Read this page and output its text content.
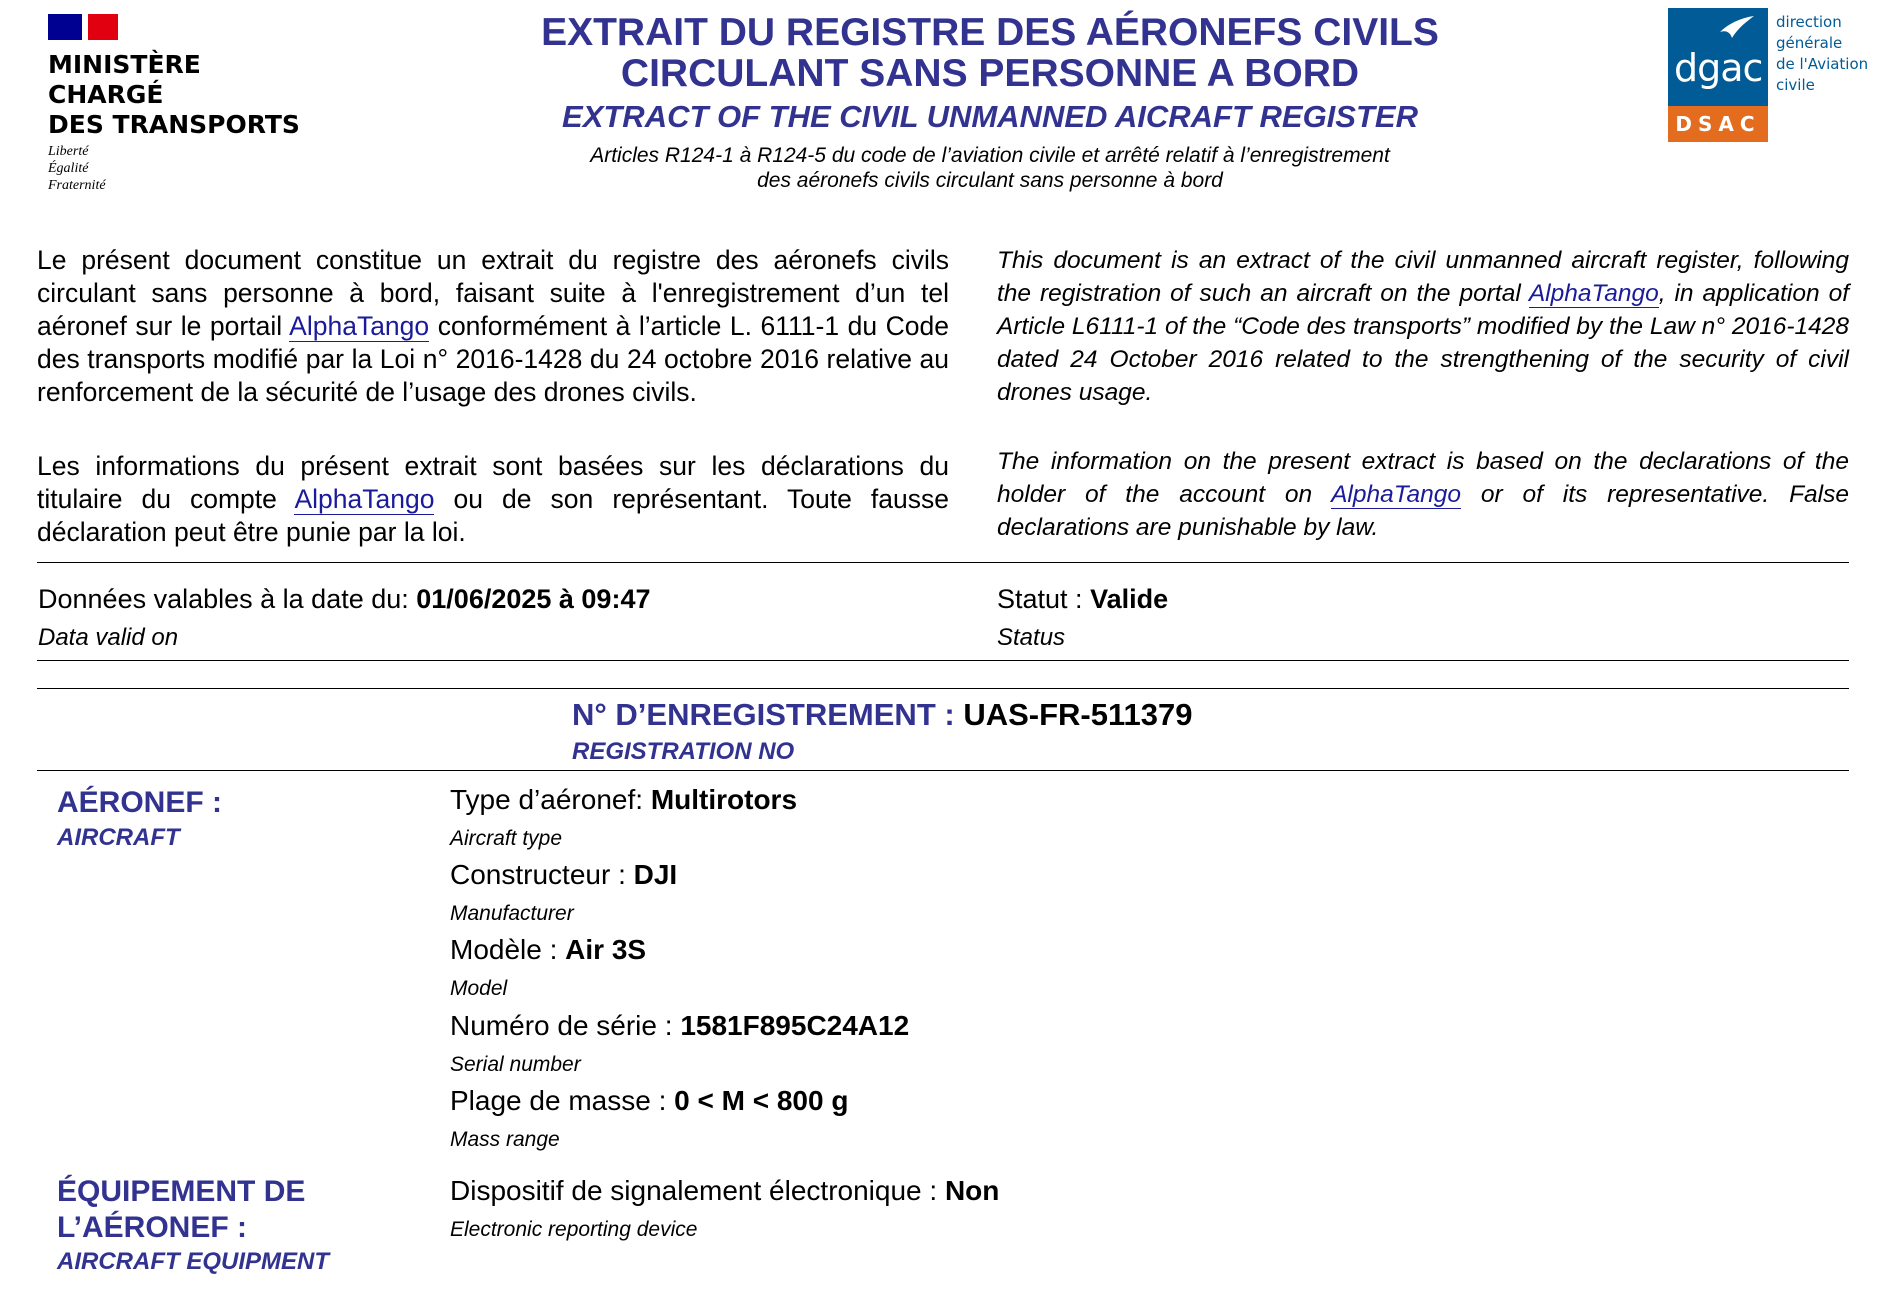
MINISTÈRE
CHARGÉ
DES TRANSPORTS
Liberté
Égalité
Fraternité
EXTRAIT DU REGISTRE DES AÉRONEFS CIVILS
CIRCULANT SANS PERSONNE A BORD
EXTRACT OF THE CIVIL UNMANNED AICRAFT REGISTER
Articles R124-1 à R124-5 du code de l’aviation civile et arrêté relatif à l’enregistrement
des aéronefs civils circulant sans personne à bord
dgac
DSAC
direction
générale
de l'Aviation
civile

Le présent document constitue un extrait du registre des aéronefs civils circulant sans personne à bord, faisant suite à l'enregistrement d’un tel aéronef sur le portail AlphaTango conformément à l’article L. 6111-1 du Code des transports modifié par la Loi n° 2016-1428 du 24 octobre 2016 relative au renforcement de la sécurité de l’usage des drones civils.

Les informations du présent extrait sont basées sur les déclarations du titulaire du compte AlphaTango ou de son représentant. Toute fausse déclaration peut être punie par la loi.

This document is an extract of the civil unmanned aircraft register, following the registration of such an aircraft on the portal AlphaTango, in application of Article L6111-1 of the “Code des transports” modified by the Law n° 2016-1428 dated 24 October 2016 related to the strengthening of the security of civil drones usage.

The information on the present extract is based on the declarations of the holder of the account on AlphaTango or of its representative. False declarations are punishable by law.

Données valables à la date du: 01/06/2025 à 09:47
Data valid on
Statut : Valide
Status
N° D’ENREGISTREMENT : UAS-FR-511379
REGISTRATION NO
AÉRONEF :
AIRCRAFT
Type d’aéronef: Multirotors
Aircraft type
Constructeur : DJI
Manufacturer
Modèle : Air 3S
Model
Numéro de série : 1581F895C24A12
Serial number
Plage de masse : 0 < M < 800 g
Mass range
ÉQUIPEMENT DE
L’AÉRONEF :
AIRCRAFT EQUIPMENT
Dispositif de signalement électronique : Non
Electronic reporting device
